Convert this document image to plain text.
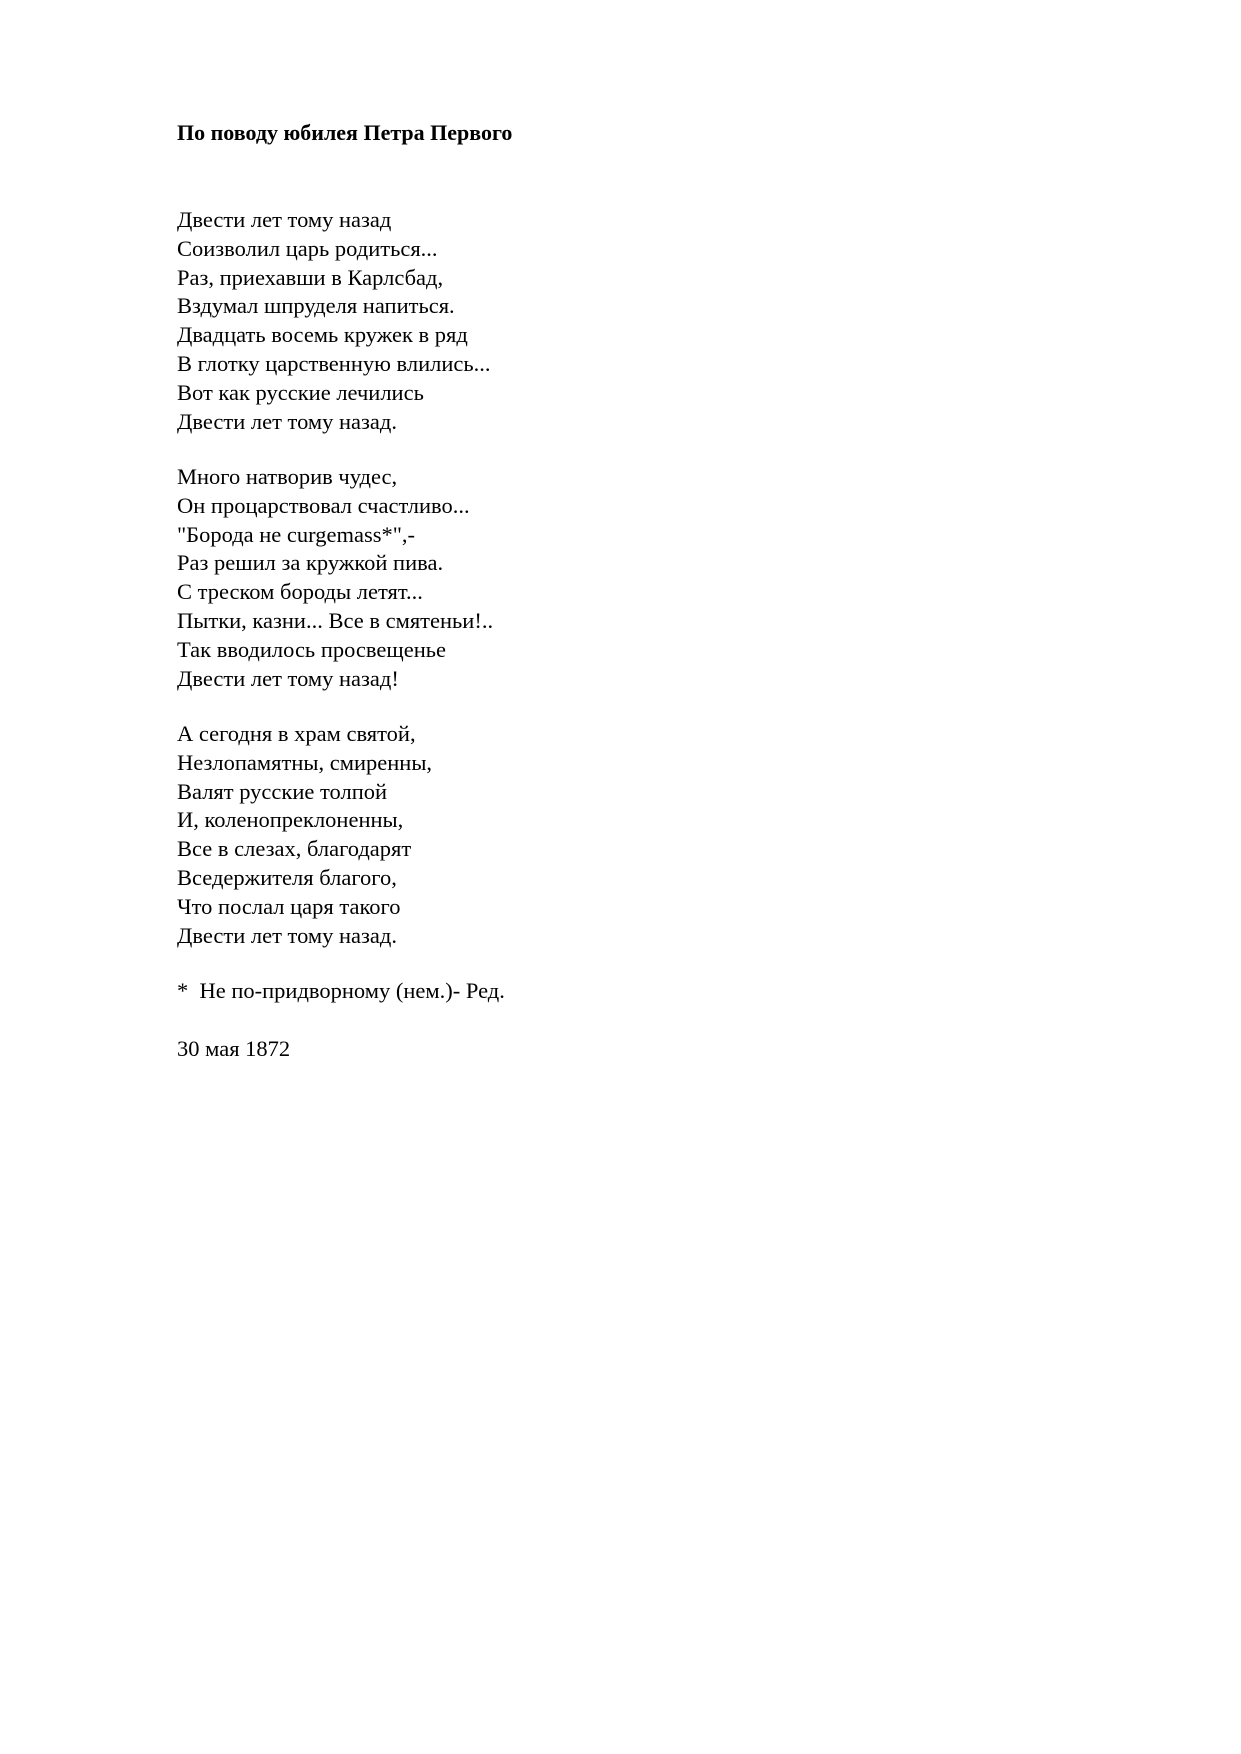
По поводу юбилея Петра Первого
Двести лет тому назад
Соизволил царь родиться...
Раз, приехавши в Карлсбад,
Вздумал шпруделя напиться.
Двадцать восемь кружек в ряд
В глотку царственную влились...
Вот как русские лечились
Двести лет тому назад.
Много натворив чудес,
Он процарствовал счастливо...
"Борода не curgemass*",-
Раз решил за кружкой пива.
С треском бороды летят...
Пытки, казни... Все в смятеньи!..
Так вводилось просвещенье
Двести лет тому назад!
А сегодня в храм святой,
Незлопамятны, смиренны,
Валят русские толпой
И, коленопреклоненны,
Все в слезах, благодарят
Вседержителя благого,
Что послал царя такого
Двести лет тому назад.
*  Не по-придворному (нем.)- Ред.
30 мая 1872
